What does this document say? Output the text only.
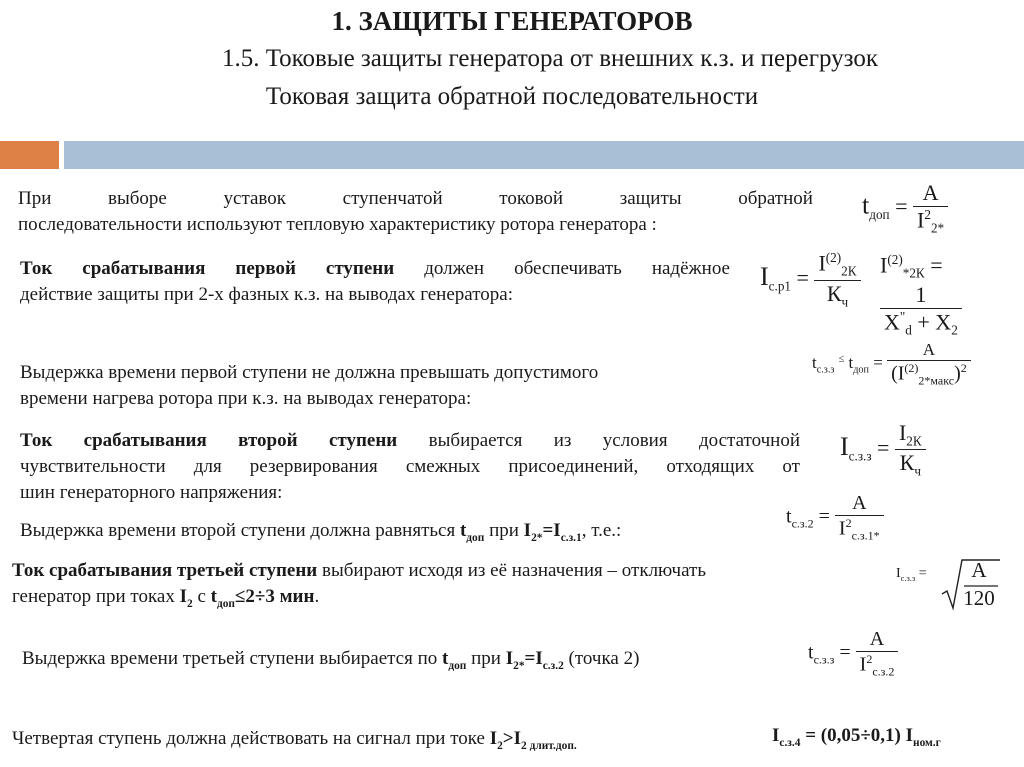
1. ЗАЩИТЫ ГЕНЕРАТОРОВ
1.5. Токовые защиты генератора от внешних к.з. и перегрузок
Токовая защита обратной последовательности
При	выборе	уставок	ступенчатой	токовой	защиты	обратной
последовательности используют тепловую характеристику ротора генератора :
$t_{доп} = \frac{A}{I^2_{2*}}$
Ток срабатывания первой ступени должен обеспечивать надёжное
действие защиты при 2-х фазных к.з. на выводах генератора:
$I_{с.р1} = \frac{I^{(2)}_{2К}}{К_ч} I^{(2)}_{*2К}$ =
$\frac{1}{X^"_d + X_2}$
Выдержка времени первой ступени не должна превышать допустимого
времени нагрева ротора при к.з. на выводах генератора:
$t_{с.з.з}$ ≤ $t_{доп} = \frac{A}{(I^{(2)}_{2*макс})^2}$
Ток срабатывания второй ступени выбирается из условия достаточной
чувствительности для резервирования смежных присоединений, отходящих от
шин генераторного напряжения:
$I_{с.з.з} = \frac{I_{2К}}{К_ч}$
Выдержка времени второй ступени должна равняться $t_{доп}$ при $I_{2*}=I_{с.з.1}$, т.е.:
$t_{с.з.2} = \frac{A}{I^2_{с.з.1*}}$
Ток срабатывания третьей ступени выбирают исходя из её назначения – отключать
генератор при токах $I_2$ с $t_{доп}\le 2\div 3$ мин.
$I_{с.з.з}$ =	A
120
Выдержка времени третьей ступени выбирается по $t_{доп}$ при $I_{2*}=I_{с.з.2}$ (точка 2)	$t_{с.з.з} = \frac{A}{I^2_{с.з.2}}$
Четвертая ступень должна действовать на сигнал при токе $I_2>I_{2 длит.доп.}$	$I_{с.з.4} = (0,05\div 0,1)$ $I_{ном.г}$
